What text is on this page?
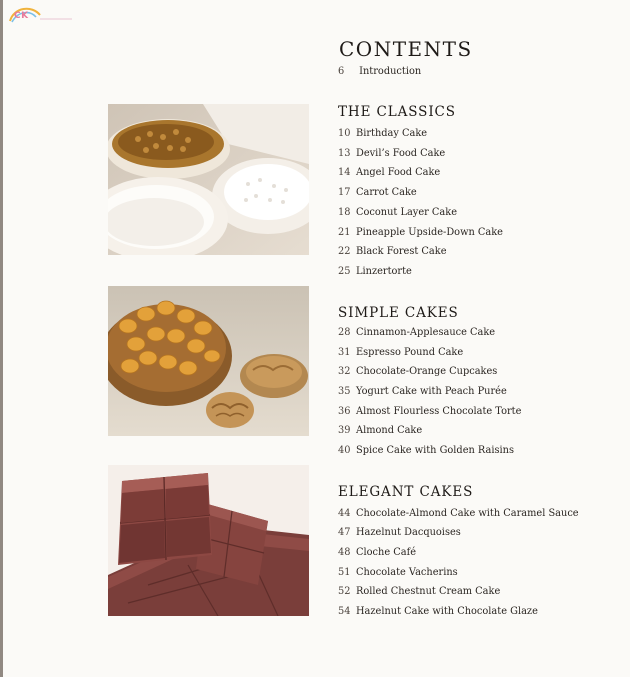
CK
CONTENTS
6 Introduction
THE CLASSICS
10 Birthday Cake
13 Devil’s Food Cake
14 Angel Food Cake
17 Carrot Cake
18 Coconut Layer Cake
21 Pineapple Upside-Down Cake
22 Black Forest Cake
25 Linzertorte
SIMPLE CAKES
28 Cinnamon-Applesauce Cake
31 Espresso Pound Cake
32 Chocolate-Orange Cupcakes
35 Yogurt Cake with Peach Purée
36 Almost Flourless Chocolate Torte
39 Almond Cake
40 Spice Cake with Golden Raisins
ELEGANT CAKES
44 Chocolate-Almond Cake with Caramel Sauce
47 Hazelnut Dacquoises
48 Cloche Café
51 Chocolate Vacherins
52 Rolled Chestnut Cream Cake
54 Hazelnut Cake with Chocolate Glaze
